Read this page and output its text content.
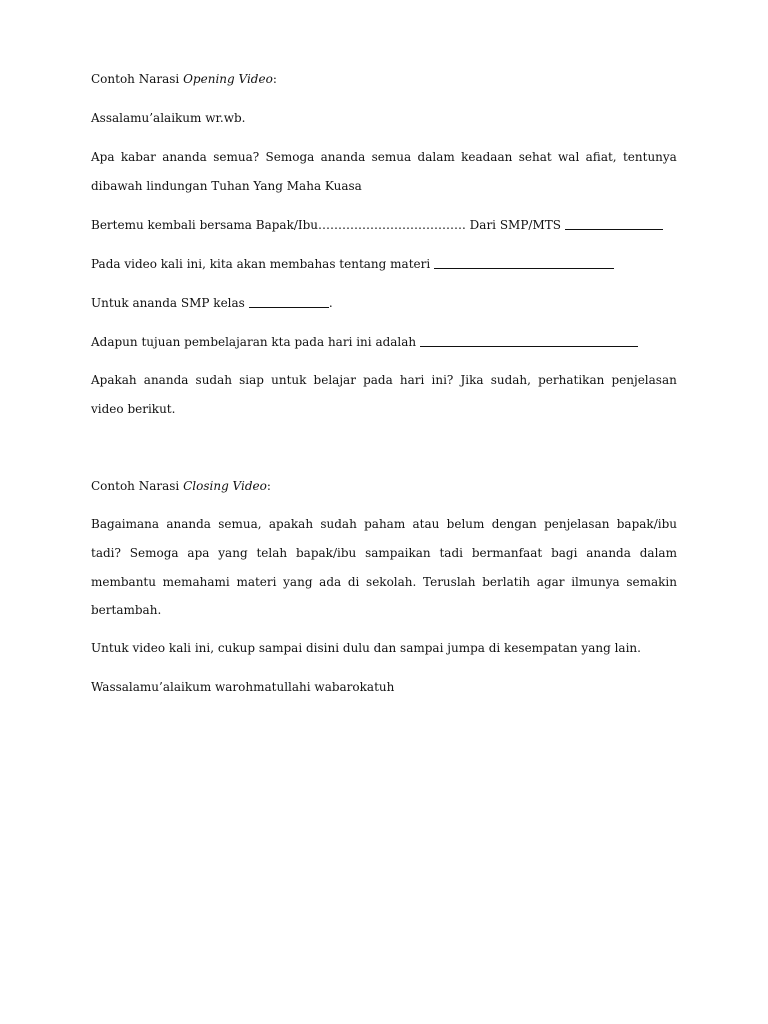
Contoh Narasi Opening Video:
Assalamu’alaikum wr.wb.
Apa kabar ananda semua? Semoga ananda semua dalam keadaan sehat wal afiat, tentunya
dibawah lindungan Tuhan Yang Maha Kuasa
Bertemu kembali bersama Bapak/Ibu………………………………. Dari SMP/MTS
Pada video kali ini, kita akan membahas tentang materi
Untuk ananda SMP kelas	.
Adapun tujuan pembelajaran kta pada hari ini adalah
Apakah ananda sudah siap untuk belajar pada hari ini? Jika sudah, perhatikan penjelasan
video berikut.
Contoh Narasi Closing Video:
Bagaimana ananda semua, apakah sudah paham atau belum dengan penjelasan bapak/ibu
tadi? Semoga apa yang telah bapak/ibu sampaikan tadi bermanfaat bagi ananda dalam
membantu memahami materi yang ada di sekolah. Teruslah berlatih agar ilmunya semakin
bertambah.
Untuk video kali ini, cukup sampai disini dulu dan sampai jumpa di kesempatan yang lain.
Wassalamu’alaikum warohmatullahi wabarokatuh
